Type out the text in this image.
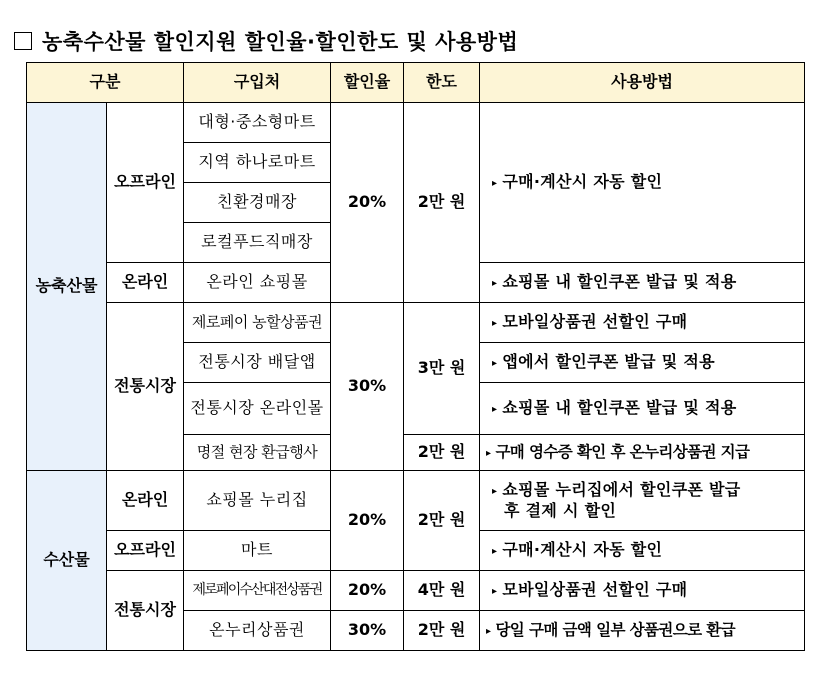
농축수산물 할인지원 할인율·할인한도 및 사용방법
구분		구입처	할인율	한도	사용방법
농축산물	오프라인	대형·중소형마트	20%	2만 원	▸ 구매·계산시 자동 할인
		지역 하나로마트			
		친환경매장			
		로컬푸드직매장			
	온라인	온라인 쇼핑몰			▸ 쇼핑몰 내 할인쿠폰 발급 및 적용
	전통시장	제로페이 농할상품권	30%	3만 원	▸ 모바일상품권 선할인 구매
		전통시장 배달앱			▸ 앱에서 할인쿠폰 발급 및 적용
		전통시장 온라인몰			▸ 쇼핑몰 내 할인쿠폰 발급 및 적용
		명절 현장 환급행사		2만 원	▸ 구매 영수증 확인 후 온누리상품권 지급
수산물	온라인	쇼핑몰 누리집	20%	2만 원	▸ 쇼핑몰 누리집에서 할인쿠폰 발급
후 결제 시 할인

	오프라인	마트			▸ 구매·계산시 자동 할인
	전통시장	제로페이수산대전상품권	20%	4만 원	▸ 모바일상품권 선할인 구매
		온누리상품권	30%	2만 원	▸ 당일 구매 금액 일부 상품권으로 환급
